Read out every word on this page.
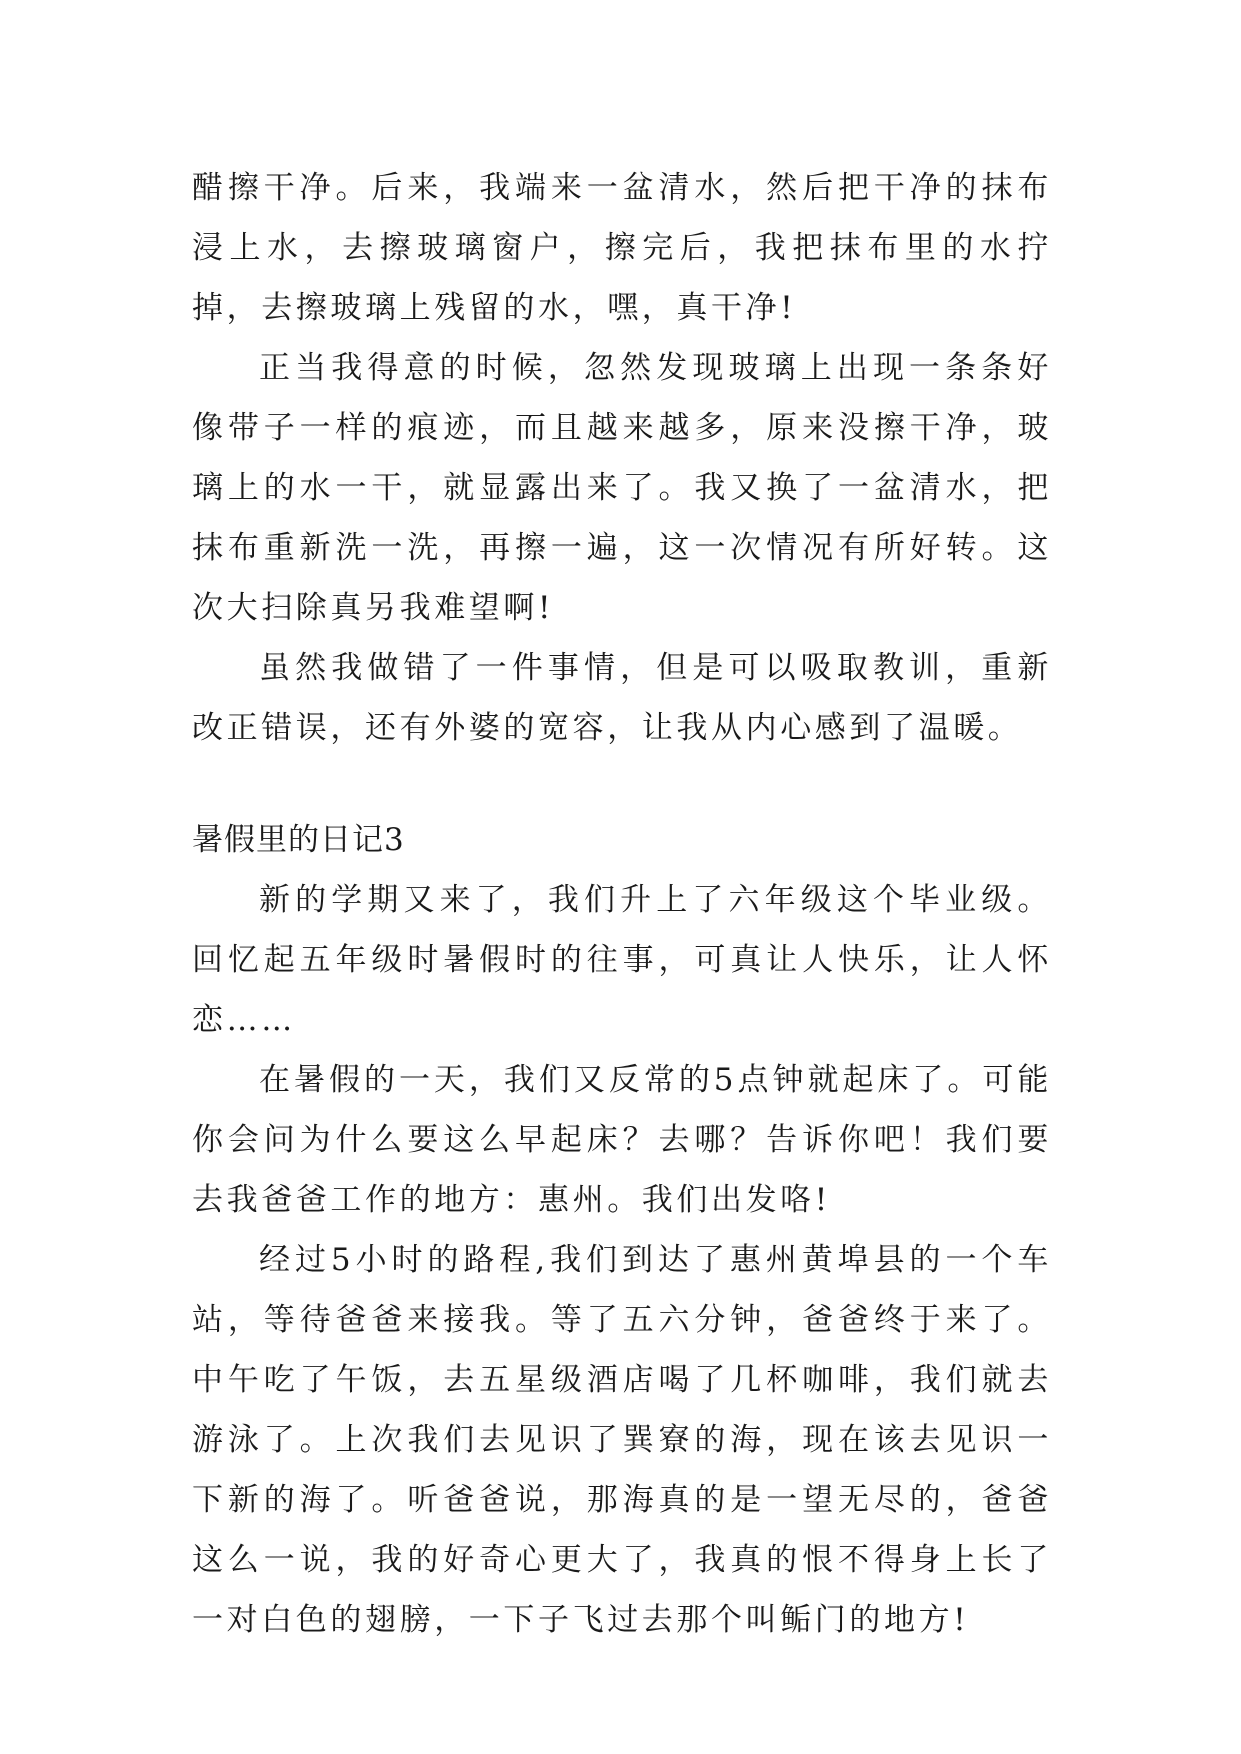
醋擦干净。后来，我端来一盆清水，然后把干净的抹布浸上水，去擦玻璃窗户，擦完后，我把抹布里的水拧掉，去擦玻璃上残留的水，嘿，真干净!

正当我得意的时候，忽然发现玻璃上出现一条条好像带子一样的痕迹，而且越来越多，原来没擦干净，玻璃上的水一干，就显露出来了。我又换了一盆清水，把抹布重新洗一洗，再擦一遍，这一次情况有所好转。这次大扫除真另我难望啊!

虽然我做错了一件事情，但是可以吸取教训，重新改正错误，还有外婆的宽容，让我从内心感到了温暖。

暑假里的日记3

新的学期又来了，我们升上了六年级这个毕业级。回忆起五年级时暑假时的往事，可真让人快乐，让人怀恋……

在暑假的一天，我们又反常的5点钟就起床了。可能你会问为什么要这么早起床？去哪？告诉你吧！我们要去我爸爸工作的地方：惠州。我们出发咯!

经过5小时的路程,我们到达了惠州黄埠县的一个车站，等待爸爸来接我。等了五六分钟，爸爸终于来了。中午吃了午饭，去五星级酒店喝了几杯咖啡，我们就去游泳了。上次我们去见识了巽寮的海，现在该去见识一下新的海了。听爸爸说，那海真的是一望无尽的，爸爸这么一说，我的好奇心更大了，我真的恨不得身上长了一对白色的翅膀，一下子飞过去那个叫鲘门的地方!
